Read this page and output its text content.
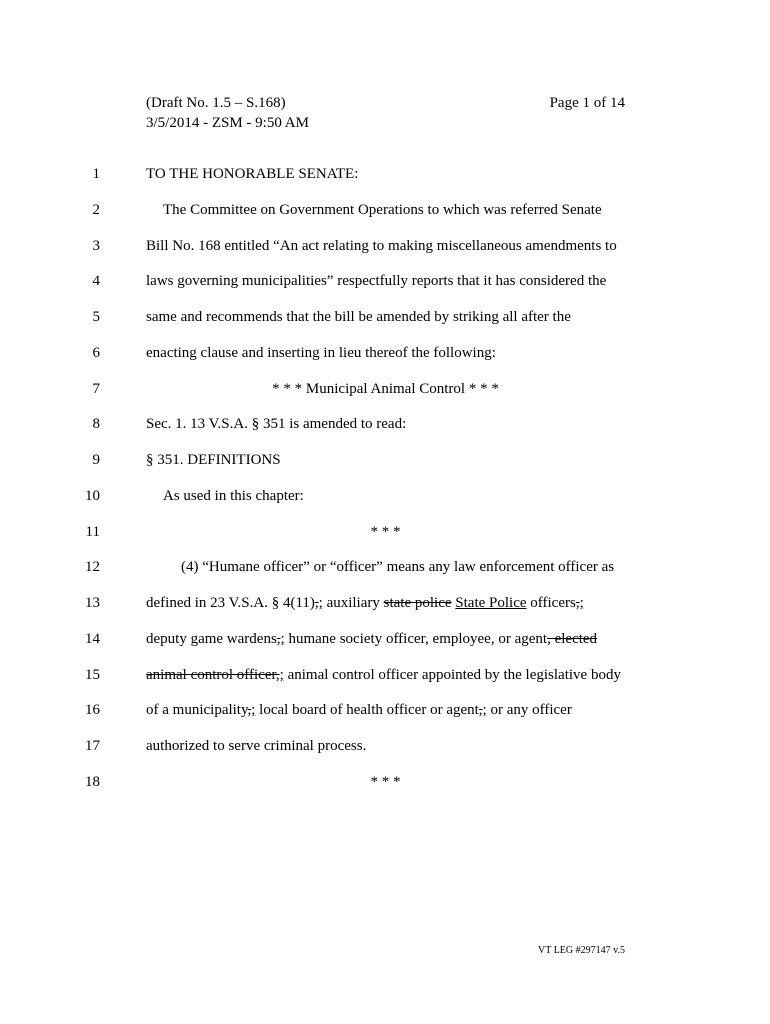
(Draft No. 1.5 – S.168)
3/5/2014 - ZSM - 9:50 AM
Page 1 of 14
1	TO THE HONORABLE SENATE:
2	The Committee on Government Operations to which was referred Senate
3	Bill No. 168 entitled “An act relating to making miscellaneous amendments to
4	laws governing municipalities” respectfully reports that it has considered the
5	same and recommends that the bill be amended by striking all after the
6	enacting clause and inserting in lieu thereof the following:
7	* * * Municipal Animal Control * * *
8	Sec. 1. 13 V.S.A. § 351 is amended to read:
9	§ 351. DEFINITIONS
10	As used in this chapter:
11	* * *
12	(4) “Humane officer” or “officer” means any law enforcement officer as
13	defined in 23 V.S.A. § 4(11),; auxiliary state police State Police officers,;
14	deputy game wardens,; humane society officer, employee, or agent, elected
15	animal control officer,; animal control officer appointed by the legislative body
16	of a municipality,; local board of health officer or agent,; or any officer
17	authorized to serve criminal process.
18	* * *
VT LEG #297147 v.5
